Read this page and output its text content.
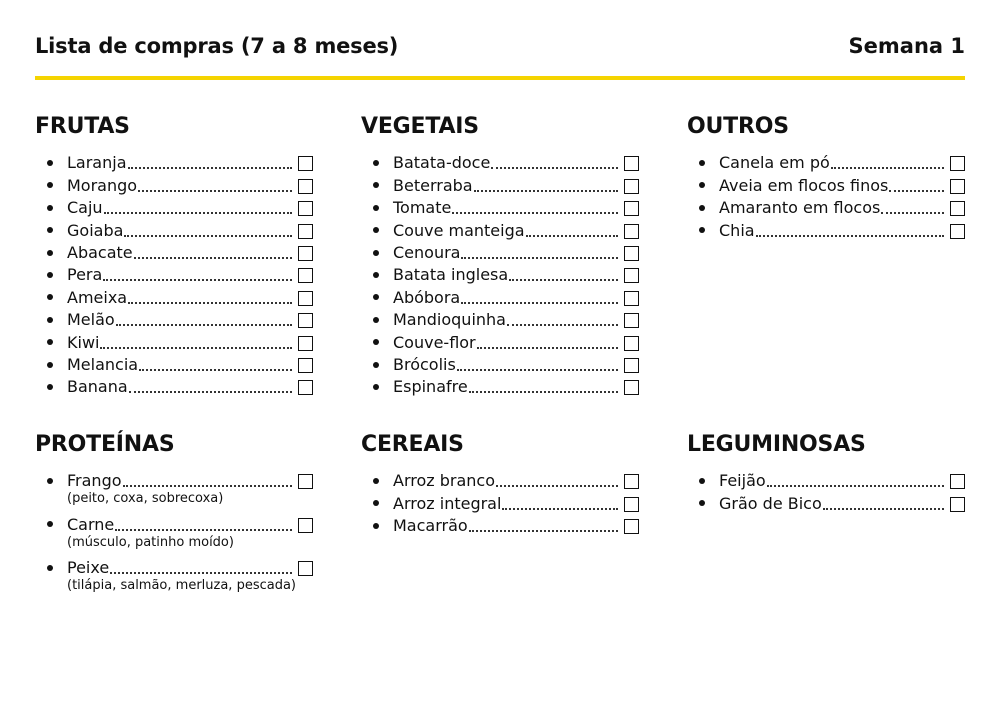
Lista de compras (7 a 8 meses)	Semana 1
FRUTAS
Laranja
Morango
Caju
Goiaba
Abacate
Pera
Ameixa
Melão
Kiwi
Melancia
Banana
VEGETAIS
Batata-doce
Beterraba
Tomate
Couve manteiga
Cenoura
Batata inglesa
Abóbora
Mandioquinha
Couve-flor
Brócolis
Espinafre
OUTROS
Canela em pó
Aveia em flocos finos
Amaranto em flocos
Chia
PROTEÍNAS
Frango
(peito, coxa, sobrecoxa)
Carne
(músculo, patinho moído)
Peixe
(tilápia, salmão, merluza, pescada)
CEREAIS
Arroz branco
Arroz integral
Macarrão
LEGUMINOSAS
Feijão
Grão de Bico
